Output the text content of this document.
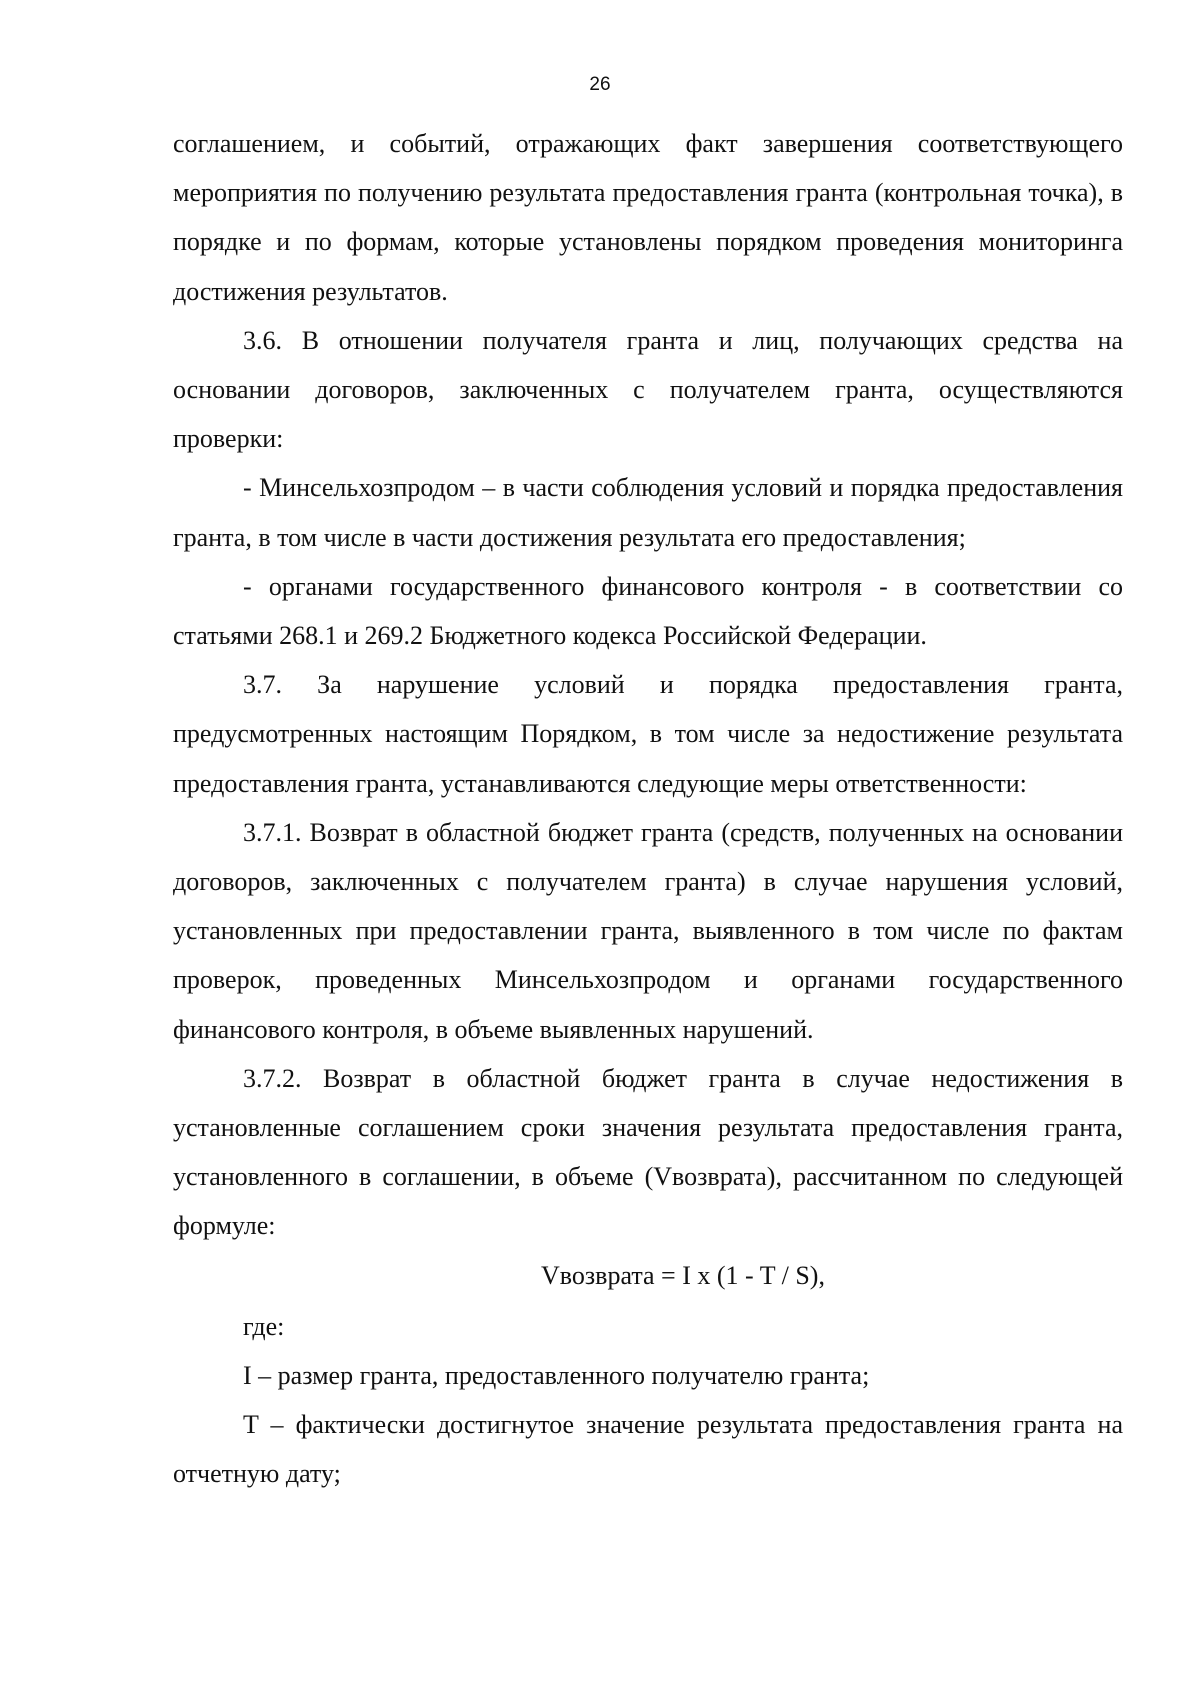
26

соглашением, и событий, отражающих факт завершения соответствующего мероприятия по получению результата предоставления гранта (контрольная точка), в порядке и по формам, которые установлены порядком проведения мониторинга достижения результатов.

3.6. В отношении получателя гранта и лиц, получающих средства на основании договоров, заключенных с получателем гранта, осуществляются проверки:

- Минсельхозпродом – в части соблюдения условий и порядка предоставления гранта, в том числе в части достижения результата его предоставления;

- органами государственного финансового контроля - в соответствии со статьями 268.1 и 269.2 Бюджетного кодекса Российской Федерации.

3.7. За нарушение условий и порядка предоставления гранта, предусмотренных настоящим Порядком, в том числе за недостижение результата предоставления гранта, устанавливаются следующие меры ответственности:

3.7.1. Возврат в областной бюджет гранта (средств, полученных на основании договоров, заключенных с получателем гранта) в случае нарушения условий, установленных при предоставлении гранта, выявленного в том числе по фактам проверок, проведенных Минсельхозпродом и органами государственного финансового контроля, в объеме выявленных нарушений.

3.7.2. Возврат в областной бюджет гранта в случае недостижения в установленные соглашением сроки значения результата предоставления гранта, установленного в соглашении, в объеме (Vвозврата), рассчитанном по следующей формуле:

Vвозврата = I x (1 - T / S),

где:

I – размер гранта, предоставленного получателю гранта;

T – фактически достигнутое значение результата предоставления гранта на отчетную дату;
